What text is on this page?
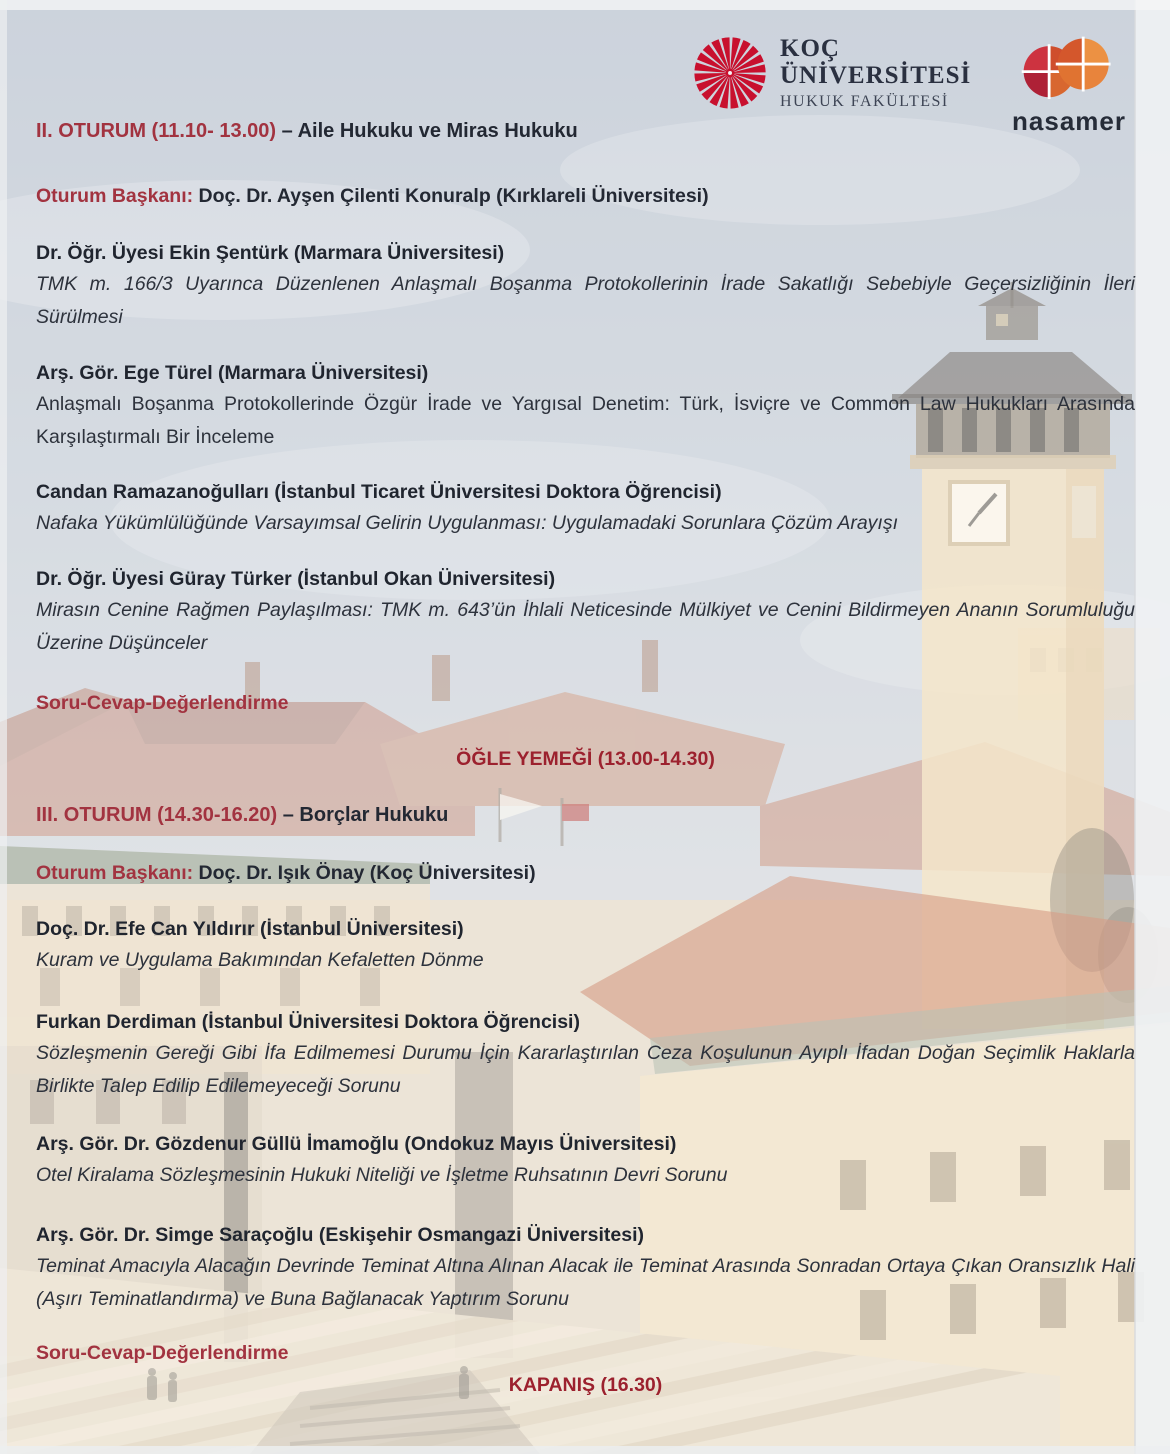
KOÇ
ÜNİVERSİTESİ
HUKUK FAKÜLTESİ
nasamer
II. OTURUM (11.10- 13.00) – Aile Hukuku ve Miras Hukuku
Oturum Başkanı: Doç. Dr. Ayşen Çilenti Konuralp (Kırklareli Üniversitesi)
Dr. Öğr. Üyesi Ekin Şentürk (Marmara Üniversitesi)
TMK m. 166/3 Uyarınca Düzenlenen Anlaşmalı Boşanma Protokollerinin İrade Sakatlığı Sebebiyle Geçersizliğinin İleri Sürülmesi
Arş. Gör. Ege Türel (Marmara Üniversitesi)
Anlaşmalı Boşanma Protokollerinde Özgür İrade ve Yargısal Denetim: Türk, İsviçre ve Common Law Hukukları Arasında Karşılaştırmalı Bir İnceleme
Candan Ramazanoğulları (İstanbul Ticaret Üniversitesi Doktora Öğrencisi)
Nafaka Yükümlülüğünde Varsayımsal Gelirin Uygulanması: Uygulamadaki Sorunlara Çözüm Arayışı
Dr. Öğr. Üyesi Güray Türker (İstanbul Okan Üniversitesi)
Mirasın Cenine Rağmen Paylaşılması: TMK m. 643’ün İhlali Neticesinde Mülkiyet ve Cenini Bildirmeyen Ananın Sorumluluğu Üzerine Düşünceler
Soru-Cevap-Değerlendirme
ÖĞLE YEMEĞİ (13.00-14.30)
III. OTURUM (14.30-16.20) – Borçlar Hukuku
Oturum Başkanı: Doç. Dr. Işık Önay (Koç Üniversitesi)
Doç. Dr. Efe Can Yıldırır (İstanbul Üniversitesi)
Kuram ve Uygulama Bakımından Kefaletten Dönme
Furkan Derdiman (İstanbul Üniversitesi Doktora Öğrencisi)
Sözleşmenin Gereği Gibi İfa Edilmemesi Durumu İçin Kararlaştırılan Ceza Koşulunun Ayıplı İfadan Doğan Seçimlik Haklarla Birlikte Talep Edilip Edilemeyeceği Sorunu
Arş. Gör. Dr. Gözdenur Güllü İmamoğlu (Ondokuz Mayıs Üniversitesi)
Otel Kiralama Sözleşmesinin Hukuki Niteliği ve İşletme Ruhsatının Devri Sorunu
Arş. Gör. Dr. Simge Saraçoğlu (Eskişehir Osmangazi Üniversitesi)
Teminat Amacıyla Alacağın Devrinde Teminat Altına Alınan Alacak ile Teminat Arasında Sonradan Ortaya Çıkan Oransızlık Hali (Aşırı Teminatlandırma) ve Buna Bağlanacak Yaptırım Sorunu
Soru-Cevap-Değerlendirme
KAPANIŞ (16.30)
